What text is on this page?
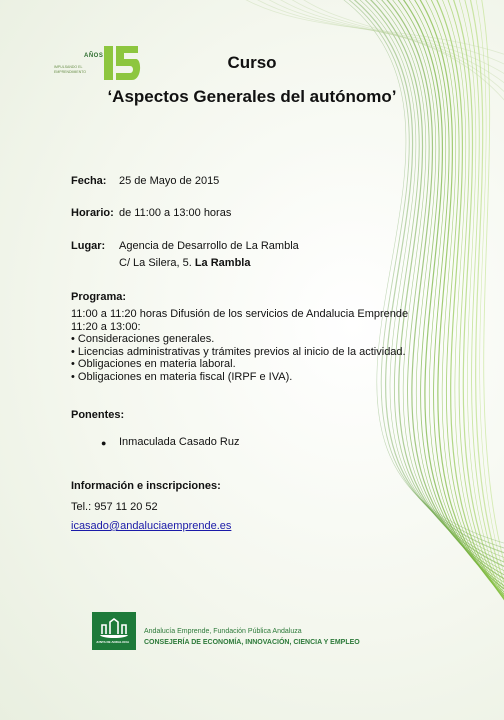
AÑOS
IMPULSANDO EL EMPRENDIMIENTO	Curso
‘Aspectos Generales del autónomo’
Fecha: 25 de Mayo de 2015
Horario: de 11:00 a 13:00 horas
Lugar: Agencia de Desarrollo de La Rambla
C/ La Silera, 5. La Rambla
Programa:
11:00 a 11:20 horas Difusión de los servicios de Andalucia Emprende
11:20 a 13:00:
• Consideraciones generales.
• Licencias administrativas y trámites previos al inicio de la actividad.
• Obligaciones en materia laboral.
• Obligaciones en materia fiscal (IRPF e IVA).
Ponentes:
● Inmaculada Casado Ruz
Información e inscripciones:
Tel.: 957 11 20 52
icasado@andaluciaemprende.es
JUNTA DE ANDALUCIA
Andalucía Emprende, Fundación Pública Andaluza
CONSEJERÍA DE ECONOMÍA, INNOVACIÓN, CIENCIA Y EMPLEO
